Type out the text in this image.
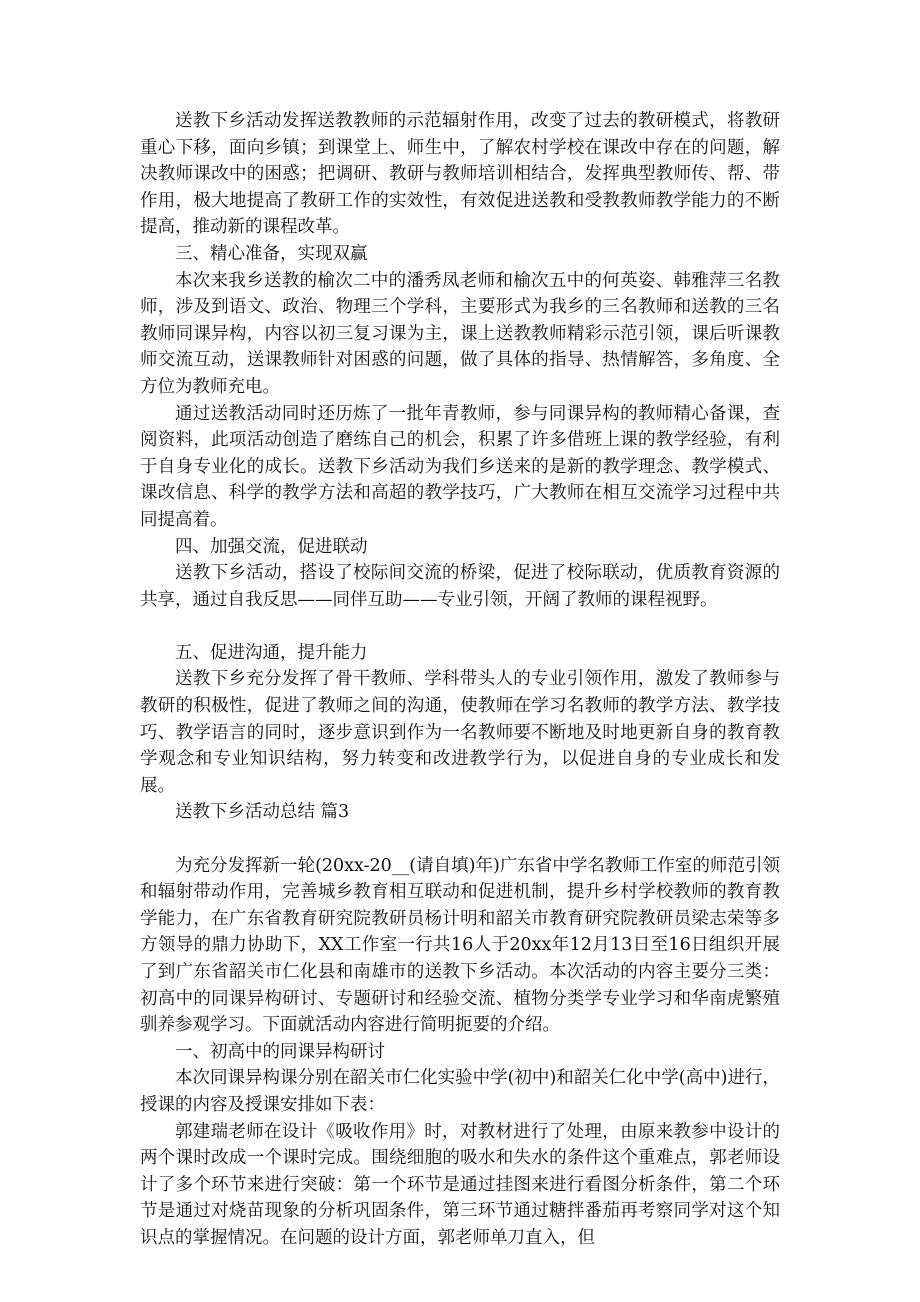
送教下乡活动发挥送教教师的示范辐射作用，改变了过去的教研模式，将教研重心下移，面向乡镇；到课堂上、师生中，了解农村学校在课改中存在的问题，解决教师课改中的困惑；把调研、教研与教师培训相结合，发挥典型教师传、帮、带作用，极大地提高了教研工作的实效性，有效促进送教和受教教师教学能力的不断提高，推动新的课程改革。

三、精心准备，实现双赢

本次来我乡送教的榆次二中的潘秀凤老师和榆次五中的何英姿、韩雅萍三名教师，涉及到语文、政治、物理三个学科，主要形式为我乡的三名教师和送教的三名教师同课异构，内容以初三复习课为主，课上送教教师精彩示范引领，课后听课教师交流互动，送课教师针对困惑的问题，做了具体的指导、热情解答，多角度、全方位为教师充电。

通过送教活动同时还历炼了一批年青教师，参与同课异构的教师精心备课，查阅资料，此项活动创造了磨练自己的机会，积累了许多借班上课的教学经验，有利于自身专业化的成长。送教下乡活动为我们乡送来的是新的教学理念、教学模式、课改信息、科学的教学方法和高超的教学技巧，广大教师在相互交流学习过程中共同提高着。

四、加强交流，促进联动

送教下乡活动，搭设了校际间交流的桥梁，促进了校际联动，优质教育资源的共享，通过自我反思——同伴互助——专业引领，开阔了教师的课程视野。

五、促进沟通，提升能力

送教下乡充分发挥了骨干教师、学科带头人的专业引领作用，激发了教师参与教研的积极性，促进了教师之间的沟通，使教师在学习名教师的教学方法、教学技巧、教学语言的同时，逐步意识到作为一名教师要不断地及时地更新自身的教育教学观念和专业知识结构，努力转变和改进教学行为，以促进自身的专业成长和发展。

送教下乡活动总结 篇3

为充分发挥新一轮(20xx-20__(请自填)年)广东省中学名教师工作室的师范引领和辐射带动作用，完善城乡教育相互联动和促进机制，提升乡村学校教师的教育教学能力，在广东省教育研究院教研员杨计明和韶关市教育研究院教研员梁志荣等多方领导的鼎力协助下，XX工作室一行共16人于20xx年12月13日至16日组织开展了到广东省韶关市仁化县和南雄市的送教下乡活动。本次活动的内容主要分三类：初高中的同课异构研讨、专题研讨和经验交流、植物分类学专业学习和华南虎繁殖驯养参观学习。下面就活动内容进行简明扼要的介绍。

一、初高中的同课异构研讨

本次同课异构课分别在韶关市仁化实验中学(初中)和韶关仁化中学(高中)进行，授课的内容及授课安排如下表：

郭建瑞老师在设计《吸收作用》时，对教材进行了处理，由原来教参中设计的两个课时改成一个课时完成。围绕细胞的吸水和失水的条件这个重难点，郭老师设计了多个环节来进行突破：第一个环节是通过挂图来进行看图分析条件，第二个环节是通过对烧苗现象的分析巩固条件，第三环节通过糖拌番茄再考察同学对这个知识点的掌握情况。在问题的设计方面，郭老师单刀直入，但
